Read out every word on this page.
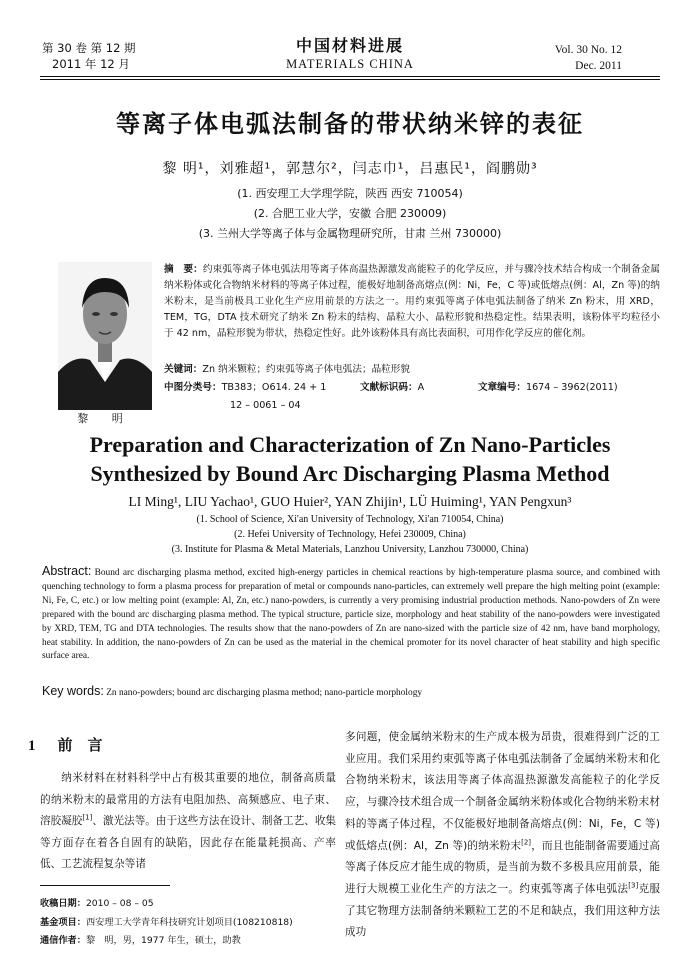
第 30 卷 第 12 期
2011 年 12 月
中国材料进展
MATERIALS CHINA
Vol. 30 No. 12
Dec. 2011
等离子体电弧法制备的带状纳米锌的表征
黎 明¹，刘雅超¹，郭慧尔²，闫志巾¹，吕惠民¹，阎鹏勋³
(1. 西安理工大学理学院，陕西 西安 710054)
(2. 合肥工业大学，安徽 合肥 230009)
(3. 兰州大学等离子体与金属物理研究所，甘肃 兰州 730000)
黎 明
摘　要：约束弧等离子体电弧法用等离子体高温热源激发高能粒子的化学反应，并与骤冷技术结合构成一个制备金属纳米粉体或化合物纳米材料的等离子体过程，能极好地制备高熔点(例：Ni，Fe，C 等)或低熔点(例：Al，Zn 等)的纳米粉末，是当前极具工业化生产应用前景的方法之一。用约束弧等离子体电弧法制备了纳米 Zn 粉末，用 XRD，TEM，TG，DTA 技术研究了纳米 Zn 粉末的结构、晶粒大小、晶粒形貌和热稳定性。结果表明，该粉体平均粒径小于 42 nm，晶粒形貌为带状，热稳定性好。此外该粉体具有高比表面积，可用作化学反应的催化剂。
关键词：Zn 纳米颗粒；约束弧等离子体电弧法；晶粒形貌
中图分类号：TB383；O614. 24 + 1	文献标识码：A	文章编号：1674 – 3962(2011)
12 – 0061 – 04
Preparation and Characterization of Zn Nano-Particles
Synthesized by Bound Arc Discharging Plasma Method
LI Ming¹, LIU Yachao¹, GUO Huier², YAN Zhijin¹, LÜ Huiming¹, YAN Pengxun³
(1. School of Science, Xi'an University of Technology, Xi'an 710054, China)
(2. Hefei University of Technology, Hefei 230009, China)
(3. Institute for Plasma & Metal Materials, Lanzhou University, Lanzhou 730000, China)
Abstract: Bound arc discharging plasma method, excited high-energy particles in chemical reactions by high-temperature plasma source, and combined with quenching technology to form a plasma process for preparation of metal or compounds nano-particles, can extremely well prepare the high melting point (example: Ni, Fe, C, etc.) or low melting point (example: Al, Zn, etc.) nano-powders, is currently a very promising industrial production methods. Nano-powders of Zn were prepared with the bound arc discharging plasma method. The typical structure, particle size, morphology and heat stability of the nano-powders were investigated by XRD, TEM, TG and DTA technologies. The results show that the nano-powders of Zn are nano-sized with the particle size of 42 nm, have band morphology, heat stability. In addition, the nano-powders of Zn can be used as the material in the chemical promoter for its novel character of heat stability and high specific surface area.
Key words: Zn nano-powders; bound arc discharging plasma method; nano-particle morphology
1 前　言
纳米材料在材料科学中占有极其重要的地位，制备高质量的纳米粉末的最常用的方法有电阻加热、高频感应、电子束、溶胶凝胶[1]、激光法等。由于这些方法在设计、制备工艺、收集等方面存在着各自固有的缺陷，因此存在能量耗损高、产率低、工艺流程复杂等诸
多问题，使金属纳米粉末的生产成本极为昂贵，很难得到广泛的工业应用。我们采用约束弧等离子体电弧法制备了金属纳米粉末和化合物纳米粉末，该法用等离子体高温热源激发高能粒子的化学反应，与骤冷技术组合成一个制备金属纳米粉体或化合物纳米粉末材料的等离子体过程，不仅能极好地制备高熔点(例：Ni，Fe，C 等)或低熔点(例：Al，Zn 等)的纳米粉末[2]，而且也能制备需要通过高等离子体反应才能生成的物质，是当前为数不多极具应用前景，能进行大规模工业化生产的方法之一。约束弧等离子体电弧法[3]克服了其它物理方法制备纳米颗粒工艺的不足和缺点，我们用这种方法成功
收稿日期：2010 – 08 – 05
基金项目：西安理工大学青年科技研究计划项目(108210818)
通信作者：黎　明，男，1977 年生，硕士，助教
